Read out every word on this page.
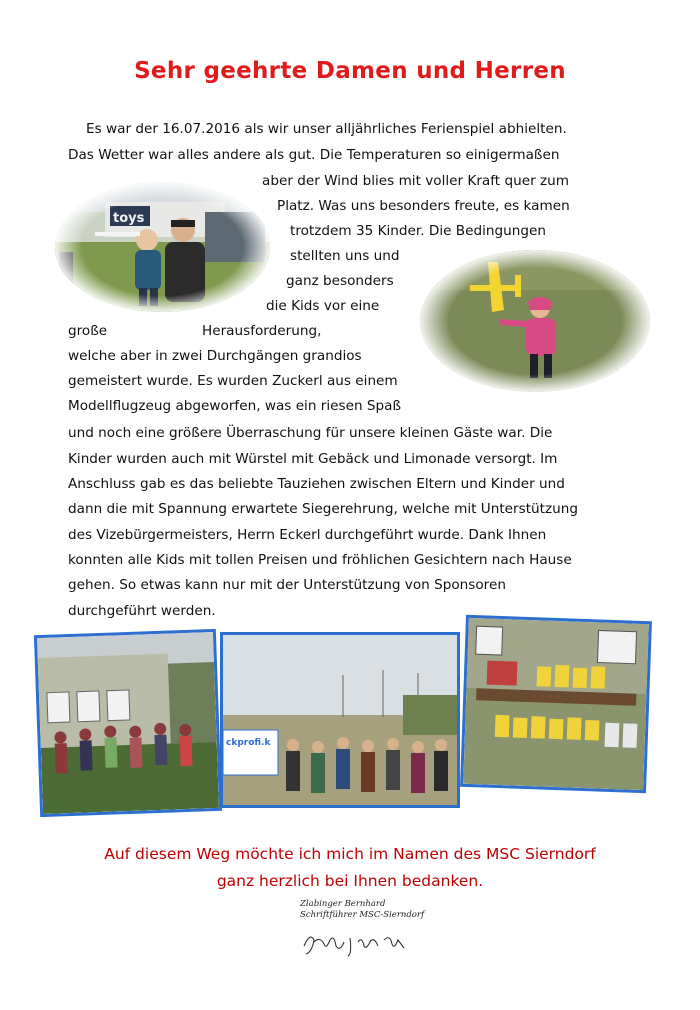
Sehr geehrte Damen und Herren
Es war der 16.07.2016 als wir unser alljährliches Ferienspiel abhielten.
Das Wetter war alles andere als gut. Die Temperaturen so einigermaßen
aber der Wind blies mit voller Kraft quer zum
Platz. Was uns besonders freute, es kamen
trotzdem 35 Kinder. Die Bedingungen
stellten uns und
ganz besonders
die Kids vor eine
große	Herausforderung,
welche aber in zwei Durchgängen grandios
gemeistert wurde. Es wurden Zuckerl aus einem
Modellflugzeug abgeworfen, was ein riesen Spaß
und noch eine größere Überraschung für unsere kleinen Gäste war. Die
Kinder wurden auch mit Würstel mit Gebäck und Limonade versorgt. Im
Anschluss gab es das beliebte Tauziehen zwischen Eltern und Kinder und
dann die mit Spannung erwartete Siegerehrung, welche mit Unterstützung
des Vizebürgermeisters, Herrn Eckerl durchgeführt wurde. Dank Ihnen
konnten alle Kids mit tollen Preisen und fröhlichen Gesichtern nach Hause
gehen. So etwas kann nur mit der Unterstützung von Sponsoren
durchgeführt werden.
ckprofi.k
Auf diesem Weg möchte ich mich im Namen des MSC Sierndorf
ganz herzlich bei Ihnen bedanken.
Zlabinger Bernhard
Schriftführer MSC-Sierndorf
